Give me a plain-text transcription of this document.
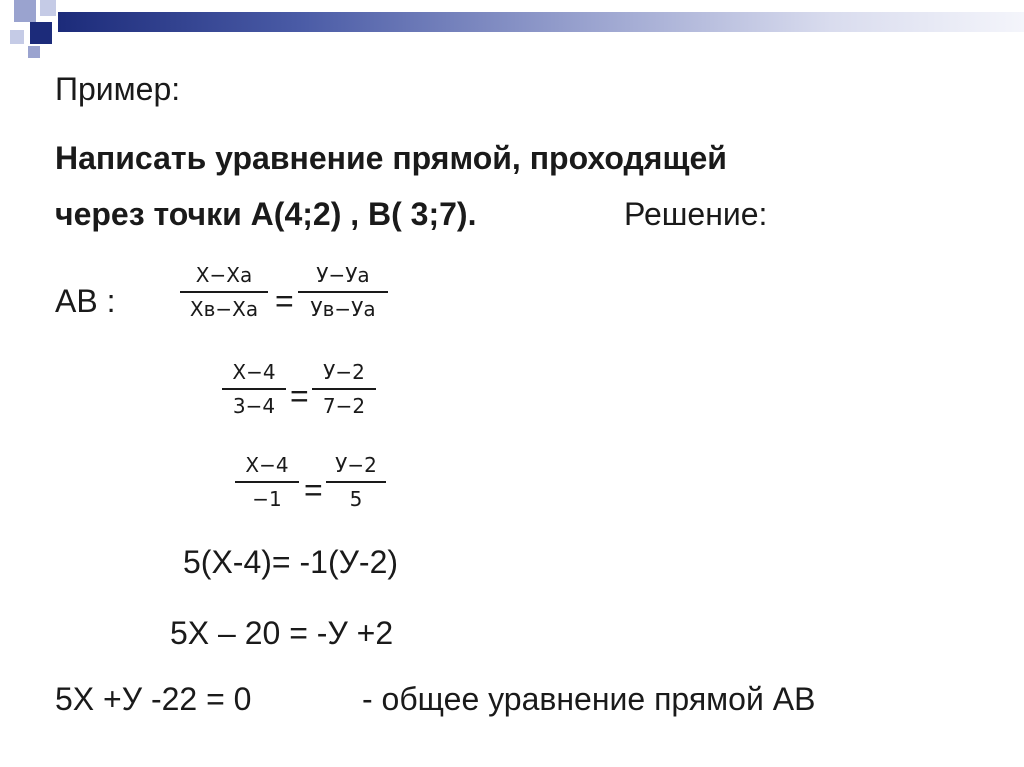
Пример:
Написать уравнение прямой, проходящей
через точки А(4;2) , В( 3;7).	Решение:
АВ :
X−Xa
Xв−Xa =
У−Уa
Ув−Уa
X−4
3−4 =
У−2
7−2
X−4
−1 =
У−2
5
5(X-4)= -1(У-2)
5X – 20 = -У +2
5X +У -22 = 0	- общее уравнение прямой АВ
